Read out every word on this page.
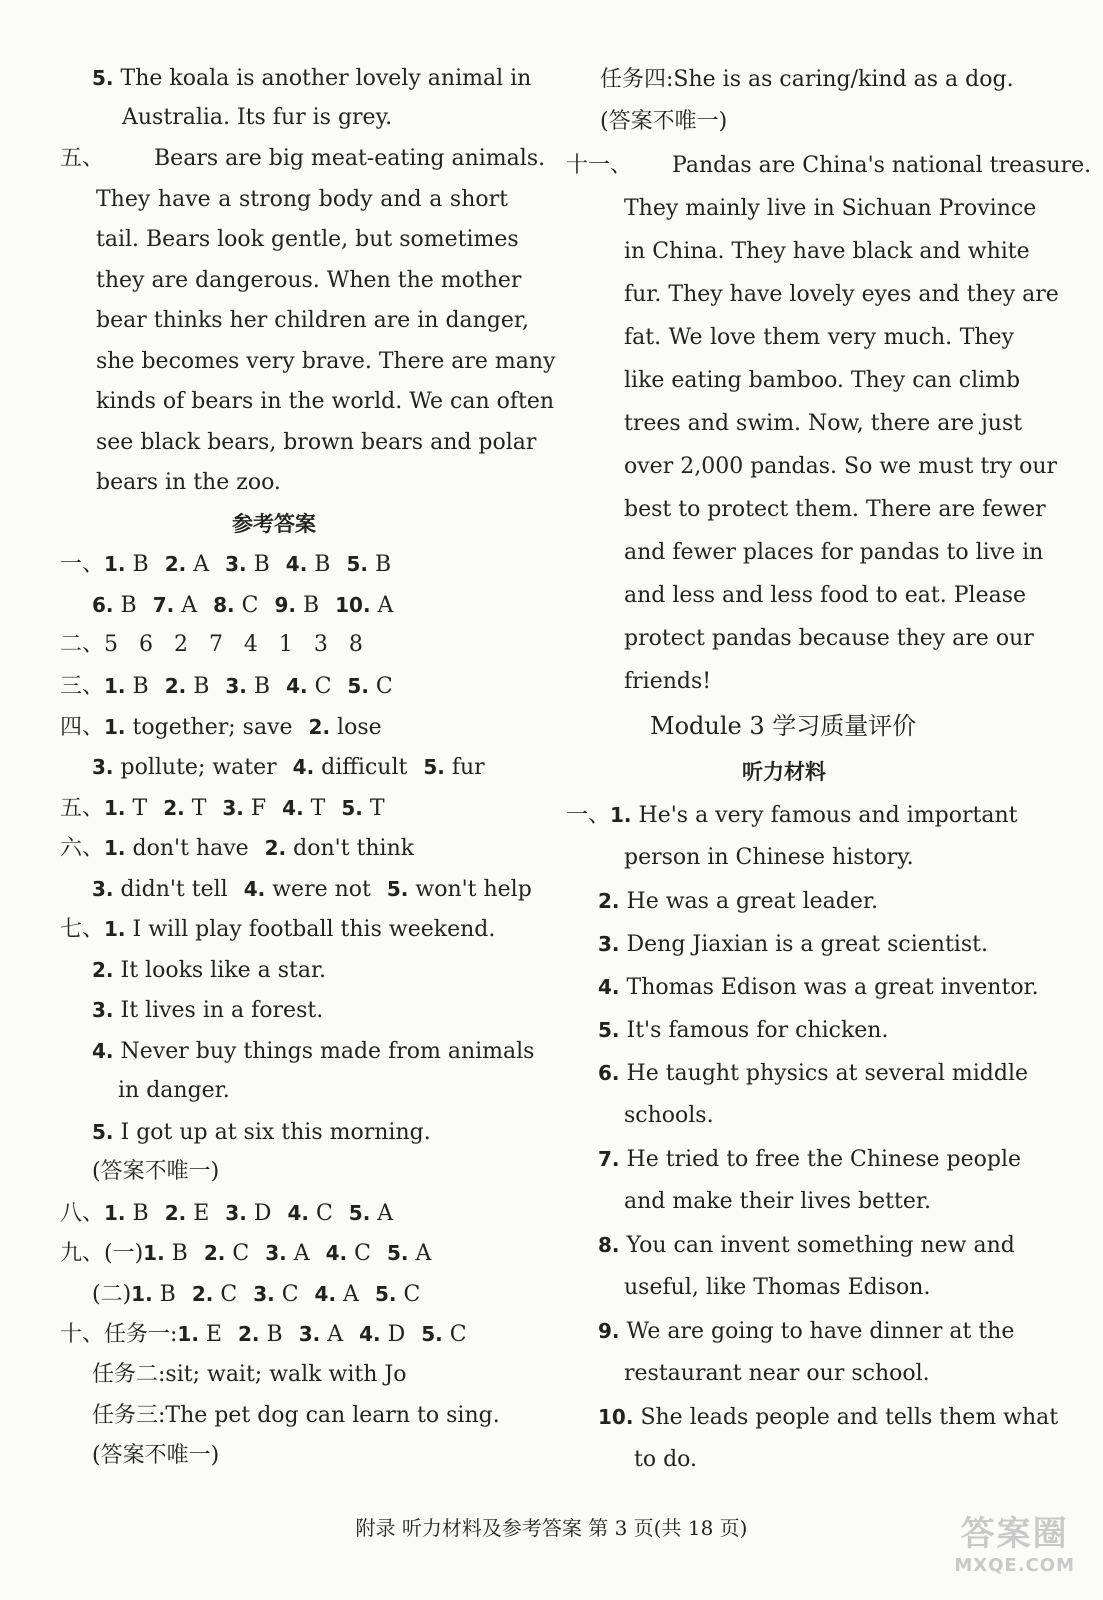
5. The koala is another lovely animal in
Australia. Its fur is grey.
五、 Bears are big meat-eating animals.
They have a strong body and a short
tail. Bears look gentle, but sometimes
they are dangerous. When the mother
bear thinks her children are in danger,
she becomes very brave. There are many
kinds of bears in the world. We can often
see black bears, brown bears and polar
bears in the zoo.
参考答案
一、1. B 2. A 3. B 4. B 5. B
6. B 7. A 8. C 9. B 10. A
二、5   6   2   7   4   1   3   8
三、1. B 2. B 3. B 4. C 5. C
四、1. together; save 2. lose
3. pollute; water 4. difficult 5. fur
五、1. T 2. T 3. F 4. T 5. T
六、1. don't have 2. don't think
3. didn't tell 4. were not 5. won't help
七、1. I will play football this weekend.
2. It looks like a star.
3. It lives in a forest.
4. Never buy things made from animals
in danger.
5. I got up at six this morning.
(答案不唯一)
八、1. B 2. E 3. D 4. C 5. A
九、(一)1. B 2. C 3. A 4. C 5. A
(二)1. B 2. C 3. C 4. A 5. C
十、任务一:1. E 2. B 3. A 4. D 5. C
任务二:sit; wait; walk with Jo
任务三:The pet dog can learn to sing.
(答案不唯一)
任务四:She is as caring/kind as a dog.
(答案不唯一)
十一、 Pandas are China's national treasure.
They mainly live in Sichuan Province
in China. They have black and white
fur. They have lovely eyes and they are
fat. We love them very much. They
like eating bamboo. They can climb
trees and swim. Now, there are just
over 2,000 pandas. So we must try our
best to protect them. There are fewer
and fewer places for pandas to live in
and less and less food to eat. Please
protect pandas because they are our
friends!
Module 3 学习质量评价
听力材料
一、1. He's a very famous and important
person in Chinese history.
2. He was a great leader.
3. Deng Jiaxian is a great scientist.
4. Thomas Edison was a great inventor.
5. It's famous for chicken.
6. He taught physics at several middle
schools.
7. He tried to free the Chinese people
and make their lives better.
8. You can invent something new and
useful, like Thomas Edison.
9. We are going to have dinner at the
restaurant near our school.
10. She leads people and tells them what
to do.
附录 听力材料及参考答案 第 3 页(共 18 页)	答案圈
MXQE.COM
